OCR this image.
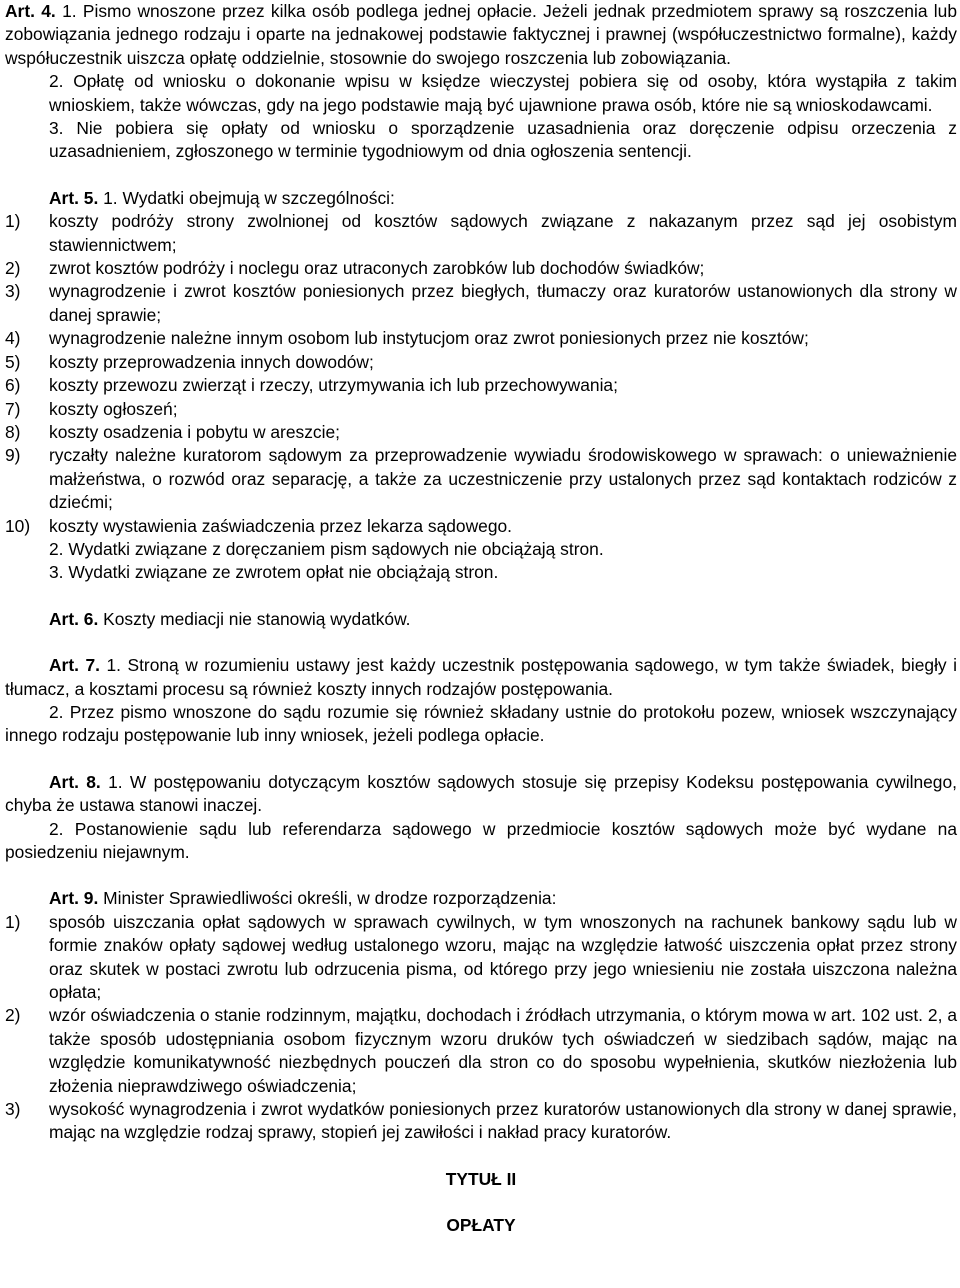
Art. 4. 1. Pismo wnoszone przez kilka osób podlega jednej opłacie. Jeżeli jednak przedmiotem sprawy są roszczenia lub zobowiązania jednego rodzaju i oparte na jednakowej podstawie faktycznej i prawnej (współuczestnictwo formalne), każdy współuczestnik uiszcza opłatę oddzielnie, stosownie do swojego roszczenia lub zobowiązania.

2. Opłatę od wniosku o dokonanie wpisu w księdze wieczystej pobiera się od osoby, która wystąpiła z takim wnioskiem, także wówczas, gdy na jego podstawie mają być ujawnione prawa osób, które nie są wnioskodawcami.

3. Nie pobiera się opłaty od wniosku o sporządzenie uzasadnienia oraz doręczenie odpisu orzeczenia z uzasadnieniem, zgłoszonego w terminie tygodniowym od dnia ogłoszenia sentencji.

Art. 5. 1. Wydatki obejmują w szczególności:

1)	koszty podróży strony zwolnionej od kosztów sądowych związane z nakazanym przez sąd jej osobistym stawiennictwem;
2)	zwrot kosztów podróży i noclegu oraz utraconych zarobków lub dochodów świadków;
3)	wynagrodzenie i zwrot kosztów poniesionych przez biegłych, tłumaczy oraz kuratorów ustanowionych dla strony w danej sprawie;
4)	wynagrodzenie należne innym osobom lub instytucjom oraz zwrot poniesionych przez nie kosztów;
5)	koszty przeprowadzenia innych dowodów;
6)	koszty przewozu zwierząt i rzeczy, utrzymywania ich lub przechowywania;
7)	koszty ogłoszeń;
8)	koszty osadzenia i pobytu w areszcie;
9)	ryczałty należne kuratorom sądowym za przeprowadzenie wywiadu środowiskowego w sprawach: o unieważnienie małżeństwa, o rozwód oraz separację, a także za uczestniczenie przy ustalonych przez sąd kontaktach rodziców z dziećmi;
10)	koszty wystawienia zaświadczenia przez lekarza sądowego.

2. Wydatki związane z doręczaniem pism sądowych nie obciążają stron.

3. Wydatki związane ze zwrotem opłat nie obciążają stron.

Art. 6. Koszty mediacji nie stanowią wydatków.

Art. 7. 1. Stroną w rozumieniu ustawy jest każdy uczestnik postępowania sądowego, w tym także świadek, biegły i tłumacz, a kosztami procesu są również koszty innych rodzajów postępowania.

2. Przez pismo wnoszone do sądu rozumie się również składany ustnie do protokołu pozew, wniosek wszczynający innego rodzaju postępowanie lub inny wniosek, jeżeli podlega opłacie.

Art. 8. 1. W postępowaniu dotyczącym kosztów sądowych stosuje się przepisy Kodeksu postępowania cywilnego, chyba że ustawa stanowi inaczej.

2. Postanowienie sądu lub referendarza sądowego w przedmiocie kosztów sądowych może być wydane na posiedzeniu niejawnym.

Art. 9. Minister Sprawiedliwości określi, w drodze rozporządzenia:

1)	sposób uiszczania opłat sądowych w sprawach cywilnych, w tym wnoszonych na rachunek bankowy sądu lub w formie znaków opłaty sądowej według ustalonego wzoru, mając na względzie łatwość uiszczenia opłat przez strony oraz skutek w postaci zwrotu lub odrzucenia pisma, od którego przy jego wniesieniu nie została uiszczona należna opłata;
2)	wzór oświadczenia o stanie rodzinnym, majątku, dochodach i źródłach utrzymania, o którym mowa w art. 102 ust. 2, a także sposób udostępniania osobom fizycznym wzoru druków tych oświadczeń w siedzibach sądów, mając na względzie komunikatywność niezbędnych pouczeń dla stron co do sposobu wypełnienia, skutków niezłożenia lub złożenia nieprawdziwego oświadczenia;
3)	wysokość wynagrodzenia i zwrot wydatków poniesionych przez kuratorów ustanowionych dla strony w danej sprawie, mając na względzie rodzaj sprawy, stopień jej zawiłości i nakład pracy kuratorów.

TYTUŁ II

OPŁATY
